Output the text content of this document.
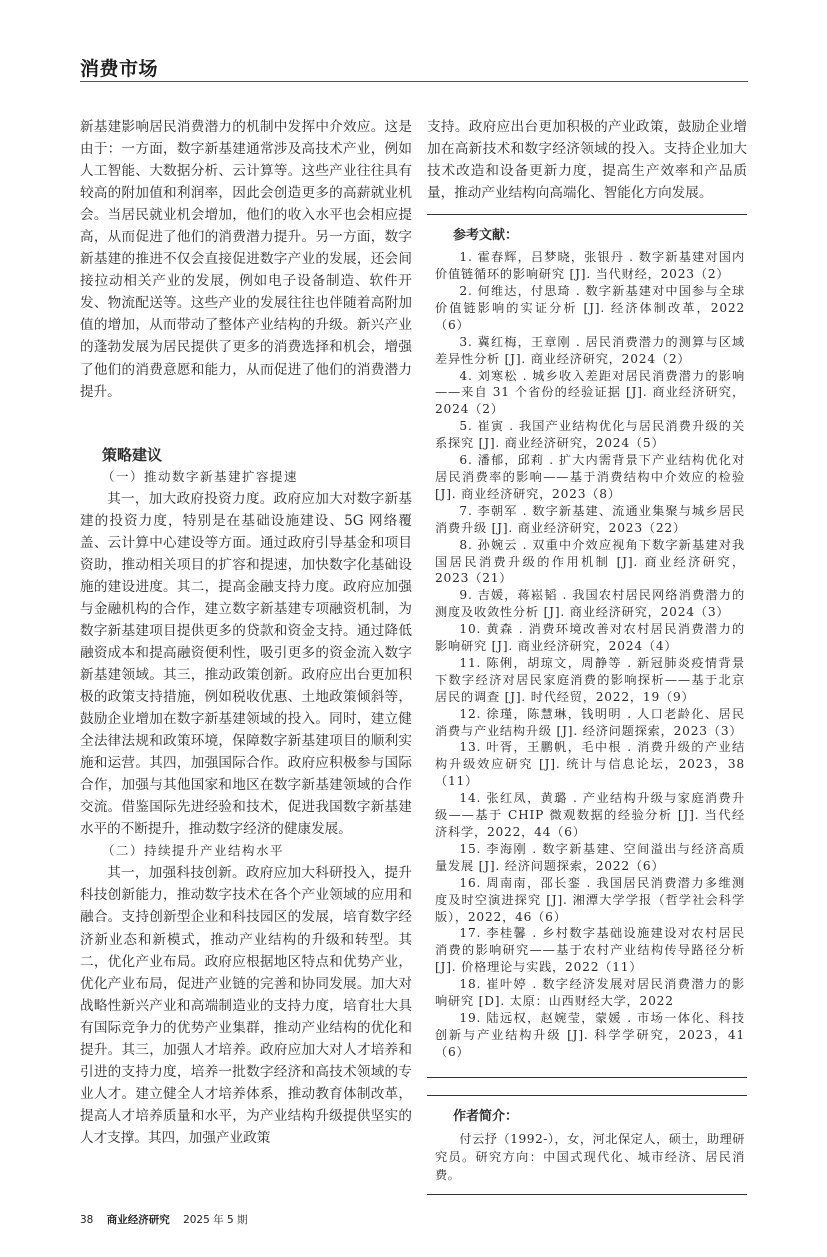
消费市场

新基建影响居民消费潜力的机制中发挥中介效应。这是由于：一方面，数字新基建通常涉及高技术产业，例如人工智能、大数据分析、云计算等。这些产业往往具有较高的附加值和利润率，因此会创造更多的高薪就业机会。当居民就业机会增加，他们的收入水平也会相应提高，从而促进了他们的消费潜力提升。另一方面，数字新基建的推进不仅会直接促进数字产业的发展，还会间接拉动相关产业的发展，例如电子设备制造、软件开发、物流配送等。这些产业的发展往往也伴随着高附加值的增加，从而带动了整体产业结构的升级。新兴产业的蓬勃发展为居民提供了更多的消费选择和机会，增强了他们的消费意愿和能力，从而促进了他们的消费潜力提升。

策略建议
（一）推动数字新基建扩容提速

其一，加大政府投资力度。政府应加大对数字新基建的投资力度，特别是在基础设施建设、5G 网络覆盖、云计算中心建设等方面。通过政府引导基金和项目资助，推动相关项目的扩容和提速，加快数字化基础设施的建设进度。其二，提高金融支持力度。政府应加强与金融机构的合作，建立数字新基建专项融资机制，为数字新基建项目提供更多的贷款和资金支持。通过降低融资成本和提高融资便利性，吸引更多的资金流入数字新基建领域。其三，推动政策创新。政府应出台更加积极的政策支持措施，例如税收优惠、土地政策倾斜等，鼓励企业增加在数字新基建领域的投入。同时，建立健全法律法规和政策环境，保障数字新基建项目的顺利实施和运营。其四，加强国际合作。政府应积极参与国际合作，加强与其他国家和地区在数字新基建领域的合作交流。借鉴国际先进经验和技术，促进我国数字新基建水平的不断提升，推动数字经济的健康发展。

（二）持续提升产业结构水平

其一，加强科技创新。政府应加大科研投入，提升科技创新能力，推动数字技术在各个产业领域的应用和融合。支持创新型企业和科技园区的发展，培育数字经济新业态和新模式，推动产业结构的升级和转型。其二，优化产业布局。政府应根据地区特点和优势产业，优化产业布局，促进产业链的完善和协同发展。加大对战略性新兴产业和高端制造业的支持力度，培育壮大具有国际竞争力的优势产业集群，推动产业结构的优化和提升。其三，加强人才培养。政府应加大对人才培养和引进的支持力度，培养一批数字经济和高技术领域的专业人才。建立健全人才培养体系，推动教育体制改革，提高人才培养质量和水平，为产业结构升级提供坚实的人才支撑。其四，加强产业政策

支持。政府应出台更加积极的产业政策，鼓励企业增加在高新技术和数字经济领域的投入。支持企业加大技术改造和设备更新力度，提高生产效率和产品质量，推动产业结构向高端化、智能化方向发展。

参考文献：

1. 霍春辉，吕梦晓，张银丹 . 数字新基建对国内价值链循环的影响研究 [J]. 当代财经，2023（2）

2. 何维达，付思琦 . 数字新基建对中国参与全球价值链影响的实证分析 [J]. 经济体制改革，2022（6）

3. 冀红梅，王章刚 . 居民消费潜力的测算与区域差异性分析 [J]. 商业经济研究，2024（2）

4. 刘寒松 . 城乡收入差距对居民消费潜力的影响——来自 31 个省份的经验证据 [J]. 商业经济研究，2024（2）

5. 崔寅 . 我国产业结构优化与居民消费升级的关系探究 [J]. 商业经济研究，2024（5）

6. 潘郁，邱莉 . 扩大内需背景下产业结构优化对居民消费率的影响——基于消费结构中介效应的检验 [J]. 商业经济研究，2023（8）

7. 李朝军 . 数字新基建、流通业集聚与城乡居民消费升级 [J]. 商业经济研究，2023（22）

8. 孙婉云 . 双重中介效应视角下数字新基建对我国居民消费升级的作用机制 [J]. 商业经济研究，2023（21）

9. 吉媛，蒋崧韬 . 我国农村居民网络消费潜力的测度及收敛性分析 [J]. 商业经济研究，2024（3）

10. 黄森 . 消费环境改善对农村居民消费潜力的影响研究 [J]. 商业经济研究，2024（4）

11. 陈俐，胡琼文，周静等 . 新冠肺炎疫情背景下数字经济对居民家庭消费的影响探析——基于北京居民的调查 [J]. 时代经贸，2022，19（9）

12. 徐瑾，陈慧琳，钱明明 . 人口老龄化、居民消费与产业结构升级 [J]. 经济问题探索，2023（3）

13. 叶胥，王鹏帆，毛中根 . 消费升级的产业结构升级效应研究 [J]. 统计与信息论坛，2023，38（11）

14. 张红凤，黄璐 . 产业结构升级与家庭消费升级——基于 CHIP 微观数据的经验分析 [J]. 当代经济科学，2022，44（6）

15. 李海刚 . 数字新基建、空间溢出与经济高质量发展 [J]. 经济问题探索，2022（6）

16. 周南南，邵长銮 . 我国居民消费潜力多维测度及时空演进探究 [J]. 湘潭大学学报（哲学社会科学版），2022，46（6）

17. 李桂馨 . 乡村数字基础设施建设对农村居民消费的影响研究——基于农村产业结构传导路径分析 [J]. 价格理论与实践，2022（11）

18. 崔叶婷 . 数字经济发展对居民消费潜力的影响研究 [D]. 太原：山西财经大学，2022

19. 陆远权，赵婉莹，蒙媛 . 市场一体化、科技创新与产业结构升级 [J]. 科学学研究，2023，41（6）

作者简介：

付云抒（1992-），女，河北保定人，硕士，助理研究员。研究方向：中国式现代化、城市经济、居民消费。

38 商业经济研究 2025 年 5 期
